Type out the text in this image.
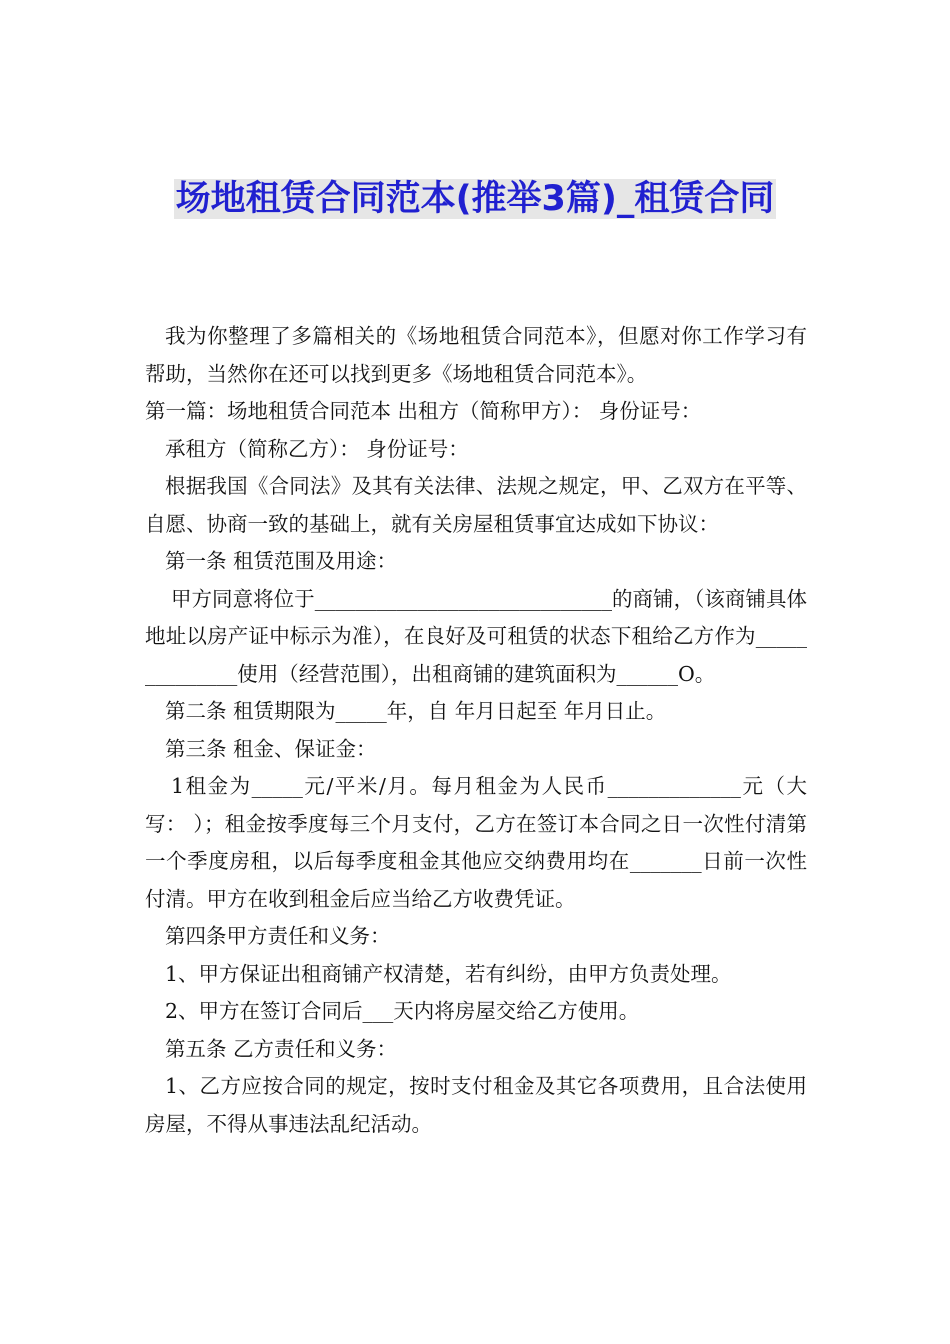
场地租赁合同范本(推举3篇)_租赁合同

我为你整理了多篇相关的《场地租赁合同范本》，但愿对你工作学习有帮助，当然你在还可以找到更多《场地租赁合同范本》。

第一篇：场地租赁合同范本 出租方（简称甲方）： 身份证号：

承租方（简称乙方）： 身份证号：

根据我国《合同法》及其有关法律、法规之规定，甲、乙双方在平等、自愿、协商一致的基础上，就有关房屋租赁事宜达成如下协议：

第一条 租赁范围及用途：

甲方同意将位于_____________________________的商铺，（该商铺具体地址以房产证中标示为准），在良好及可租赁的状态下租给乙方作为______________使用（经营范围），出租商铺的建筑面积为______O。

第二条 租赁期限为_____年，自 年月日起至 年月日止。

第三条 租金、保证金：

1租金为_____元/平米/月。每月租金为人民币_____________元（大写： ）；租金按季度每三个月支付，乙方在签订本合同之日一次性付清第一个季度房租，以后每季度租金其他应交纳费用均在_______日前一次性付清。甲方在收到租金后应当给乙方收费凭证。

第四条甲方责任和义务：

1、甲方保证出租商铺产权清楚，若有纠纷，由甲方负责处理。

2、甲方在签订合同后___天内将房屋交给乙方使用。

第五条 乙方责任和义务：

1、乙方应按合同的规定，按时支付租金及其它各项费用，且合法使用房屋，不得从事违法乱纪活动。
